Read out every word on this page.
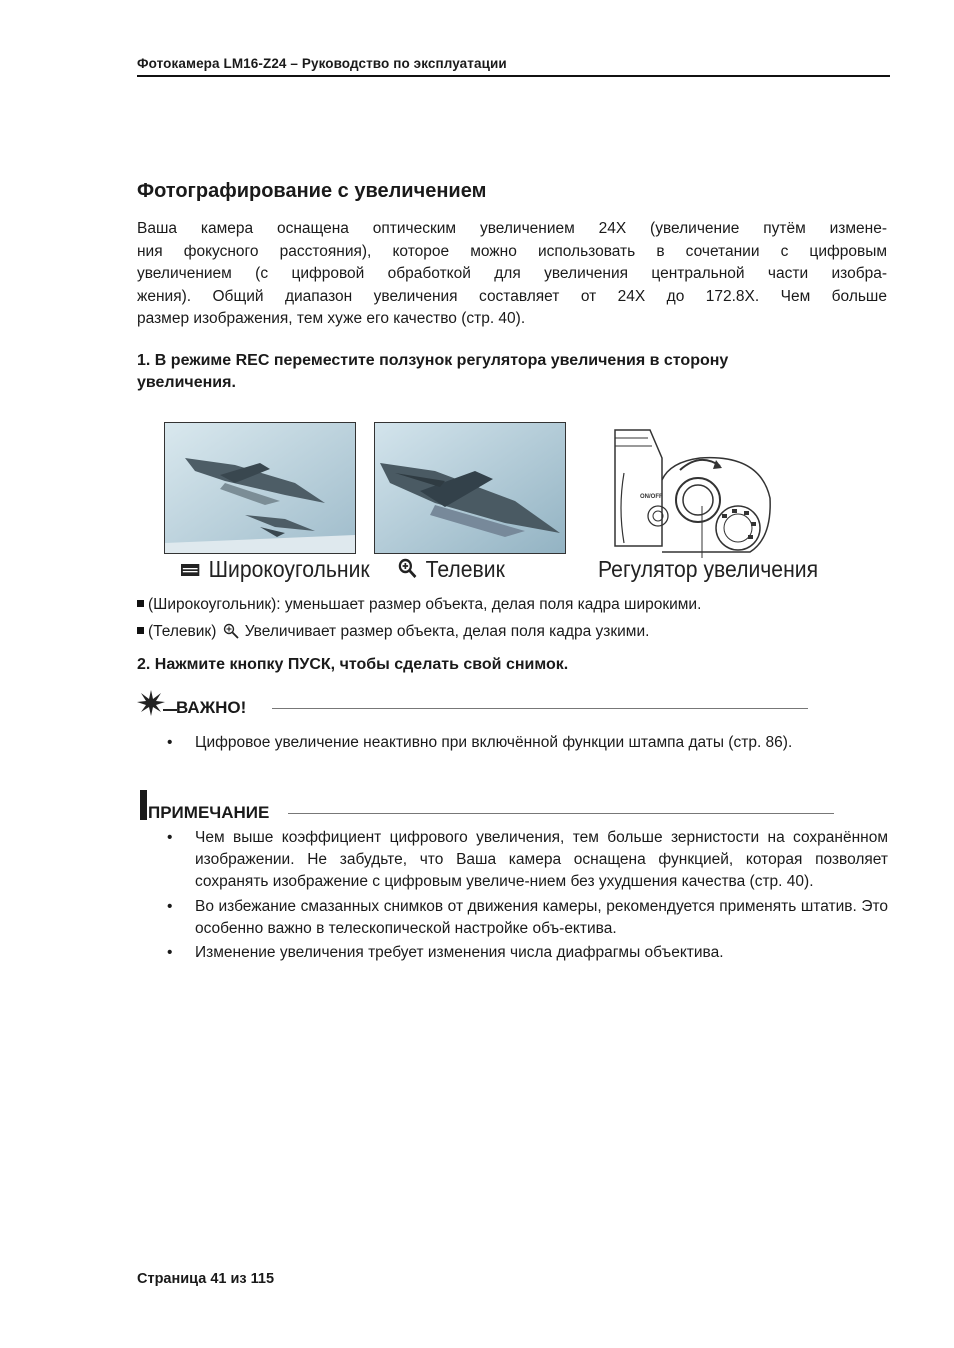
Фотокамера LM16-Z24 – Руководство по эксплуатации
Фотографирование с увеличением
Ваша камера оснащена оптическим увеличением 24X (увеличение путём измене-
ния фокусного расстояния), которое можно использовать в сочетании с цифровым
увеличением (с цифровой обработкой для увеличения центральной части изобра-
жения). Общий диапазон увеличения составляет от 24X до 172.8X. Чем больше
размер изображения, тем хуже его качество (стр. 40).
1. В режиме REC переместите ползунок регулятора увеличения в сторону
увеличения.
ON/OFF
Широкоугольник	Телевик	Регулятор увеличения
(Широкоугольник): уменьшает размер объекта, делая поля кадра широкими.
(Телевик) Увеличивает размер объекта, делая поля кадра узкими.
2. Нажмите кнопку ПУСК, чтобы сделать свой снимок.
ВАЖНО!
• Цифровое увеличение неактивно при включённой функции штампа даты (стр. 86).
ПРИМЕЧАНИЕ
• Чем выше коэффициент цифрового увеличения, тем больше зернистости на сохранённом изображении. Не забудьте, что Ваша камера оснащена функцией, которая позволяет сохранять изображение с цифровым увеличе-нием без ухудшения качества (стр. 40).
• Во избежание смазанных снимков от движения камеры, рекомендуется применять штатив. Это особенно важно в телескопической настройке объ-ектива.
• Изменение увеличения требует изменения числа диафрагмы объектива.
Страница 41 из 115
